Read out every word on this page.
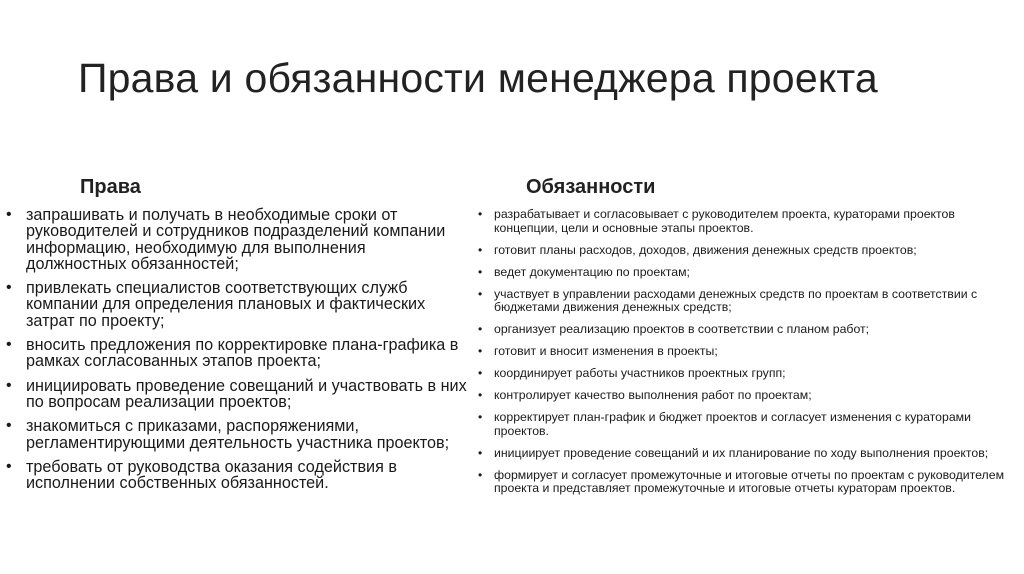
Права и обязанности менеджера проекта
Права
• запрашивать и получать в необходимые сроки от руководителей и сотрудников подразделений компании информацию, необходимую для выполнения должностных обязанностей;
• привлекать специалистов соответствующих служб компании для определения плановых и фактических затрат по проекту;
• вносить предложения по корректировке плана-графика в рамках согласованных этапов проекта;
• инициировать проведение совещаний и участвовать в них по вопросам реализации проектов;
• знакомиться с приказами, распоряжениями, регламентирующими деятельность участника проектов;
• требовать от руководства оказания содействия в исполнении собственных обязанностей.
Обязанности
• разрабатывает и согласовывает с руководителем проекта, кураторами проектов концепции, цели и основные этапы проектов.
• готовит планы расходов, доходов, движения денежных средств проектов;
• ведет документацию по проектам;
• участвует в управлении расходами денежных средств по проектам в соответствии с бюджетами движения денежных средств;
• организует реализацию проектов в соответствии с планом работ;
• готовит и вносит изменения в проекты;
• координирует работы участников проектных групп;
• контролирует качество выполнения работ по проектам;
• корректирует план-график и бюджет проектов и согласует изменения с кураторами проектов.
• инициирует проведение совещаний и их планирование по ходу выполнения проектов;
• формирует и согласует промежуточные и итоговые отчеты по проектам с руководителем проекта и представляет промежуточные и итоговые отчеты кураторам проектов.
